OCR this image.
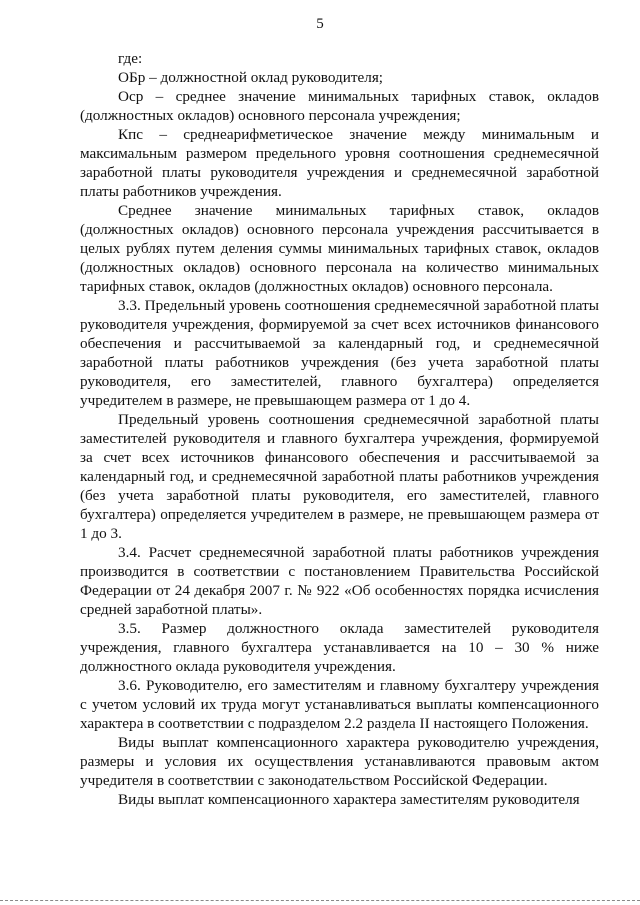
5

где:

ОБр – должностной оклад руководителя;

Оср – среднее значение минимальных тарифных ставок, окладов (должностных окладов) основного персонала учреждения;

Кпс – среднеарифметическое значение между минимальным и максимальным размером предельного уровня соотношения среднемесячной заработной платы руководителя учреждения и среднемесячной заработной платы работников учреждения.

Среднее значение минимальных тарифных ставок, окладов (должностных окладов) основного персонала учреждения рассчитывается в целых рублях путем деления суммы минимальных тарифных ставок, окладов (должностных окладов) основного персонала на количество минимальных тарифных ставок, окладов (должностных окладов) основного персонала.

3.3. Предельный уровень соотношения среднемесячной заработной платы руководителя учреждения, формируемой за счет всех источников финансового обеспечения и рассчитываемой за календарный год, и среднемесячной заработной платы работников учреждения (без учета заработной платы руководителя, его заместителей, главного бухгалтера) определяется учредителем в размере, не превышающем размера от 1 до 4.

Предельный уровень соотношения среднемесячной заработной платы заместителей руководителя и главного бухгалтера учреждения, формируемой за счет всех источников финансового обеспечения и рассчитываемой за календарный год, и среднемесячной заработной платы работников учреждения (без учета заработной платы руководителя, его заместителей, главного бухгалтера) определяется учредителем в размере, не превышающем размера от 1 до 3.

3.4. Расчет среднемесячной заработной платы работников учреждения производится в соответствии с постановлением Правительства Российской Федерации от 24 декабря 2007 г. № 922 «Об особенностях порядка исчисления средней заработной платы».

3.5. Размер должностного оклада заместителей руководителя учреждения, главного бухгалтера устанавливается на 10 – 30 % ниже должностного оклада руководителя учреждения.

3.6. Руководителю, его заместителям и главному бухгалтеру учреждения с учетом условий их труда могут устанавливаться выплаты компенсационного характера в соответствии с подразделом 2.2 раздела II настоящего Положения.

Виды выплат компенсационного характера руководителю учреждения, размеры и условия их осуществления устанавливаются правовым актом учредителя в соответствии с законодательством Российской Федерации.

Виды выплат компенсационного характера заместителям руководителя
